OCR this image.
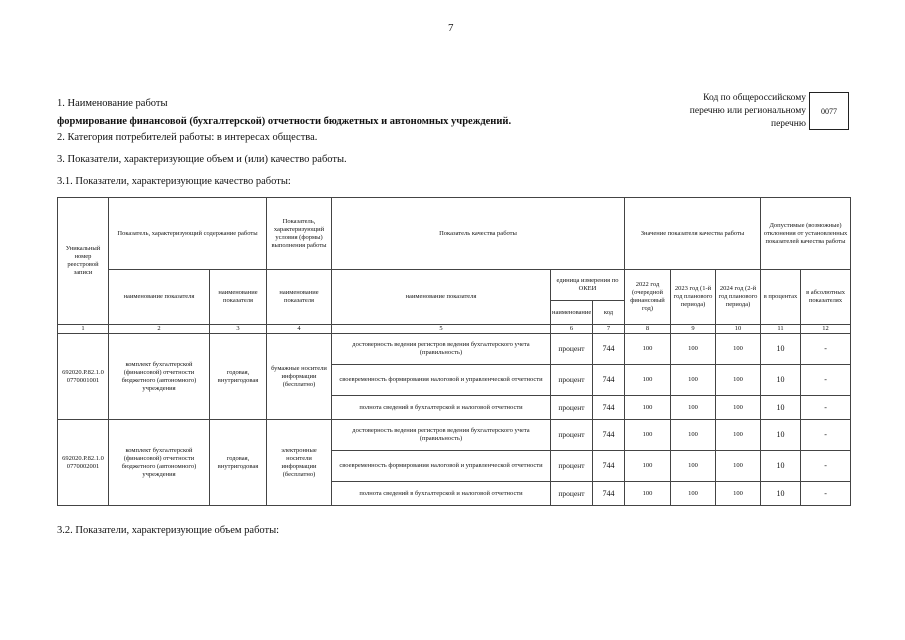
7
1. Наименование работы
формирование финансовой (бухгалтерской) отчетности бюджетных и автономных учреждений.
2. Категория потребителей работы: в интересах общества.
3. Показатели, характеризующие объем и (или) качество работы.
3.1. Показатели, характеризующие качество работы:
Код по общероссийскому
перечню или региональному
перечню
0077
Уникальный номер реестровой записи	Показатель, характеризующий содержание работы		Показатель, характеризующий условия (формы) выполнения работы	Показатель качества работы			Значение показателя качества работы			Допустимые (возможные) отклонения от установленных показателей качества работы	
	наименование показателя	наименование показателя	наименование показателя	наименование показателя	единица измерения по ОКЕИ		2022 год (очередной финансовый год)	2023 год (1-й год планового периода)	2024 год (2-й год планового периода)	в процентах	в абсолютных показателях
					наименование	код					
1	2	3	4	5	6	7	8	9	10	11	12
692020.Р.82.1.0 0770001001	комплект бухгалтерской (финансовой) отчетности бюджетного (автономного) учреждения	годовая, внутригодовая	бумажные носители информации (бесплатно)	достоверность ведения регистров ведения бухгалтерского учета (правильность)	процент	744	100	100	100	10	-
				своевременность формирования налоговой и управленческой отчетности	процент	744	100	100	100	10	-
				полнота сведений в бухгалтерской и налоговой отчетности	процент	744	100	100	100	10	-
692020.Р.82.1.0 0770002001	комплект бухгалтерской (финансовой) отчетности бюджетного (автономного) учреждения	годовая, внутригодовая	электронные носители информации (бесплатно)	достоверность ведения регистров ведения бухгалтерского учета (правильность)	процент	744	100	100	100	10	-
				своевременность формирования налоговой и управленческой отчетности	процент	744	100	100	100	10	-
				полнота сведений в бухгалтерской и налоговой отчетности	процент	744	100	100	100	10	-
3.2. Показатели, характеризующие объем работы:
